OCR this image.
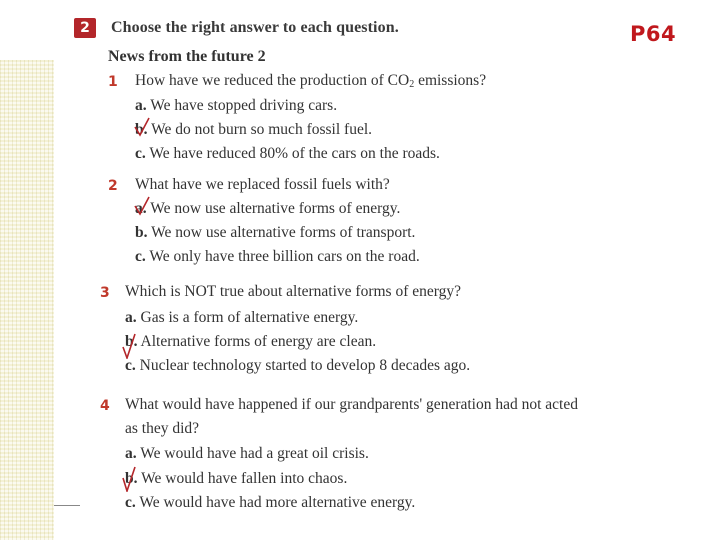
P64
2	Choose the right answer to each question.
News from the future 2
1 How have we reduced the production of $CO_2$ emissions?
a. We have stopped driving cars.
b. We do not burn so much fossil fuel.
c. We have reduced 80% of the cars on the roads.
2 What have we replaced fossil fuels with?
a. We now use alternative forms of energy.
b. We now use alternative forms of transport.
c. We only have three billion cars on the road.
3 Which is NOT true about alternative forms of energy?
a. Gas is a form of alternative energy.
b. Alternative forms of energy are clean.
c. Nuclear technology started to develop 8 decades ago.
4 What would have happened if our grandparents' generation had not acted
as they did?
a. We would have had a great oil crisis.
b. We would have fallen into chaos.
c. We would have had more alternative energy.
